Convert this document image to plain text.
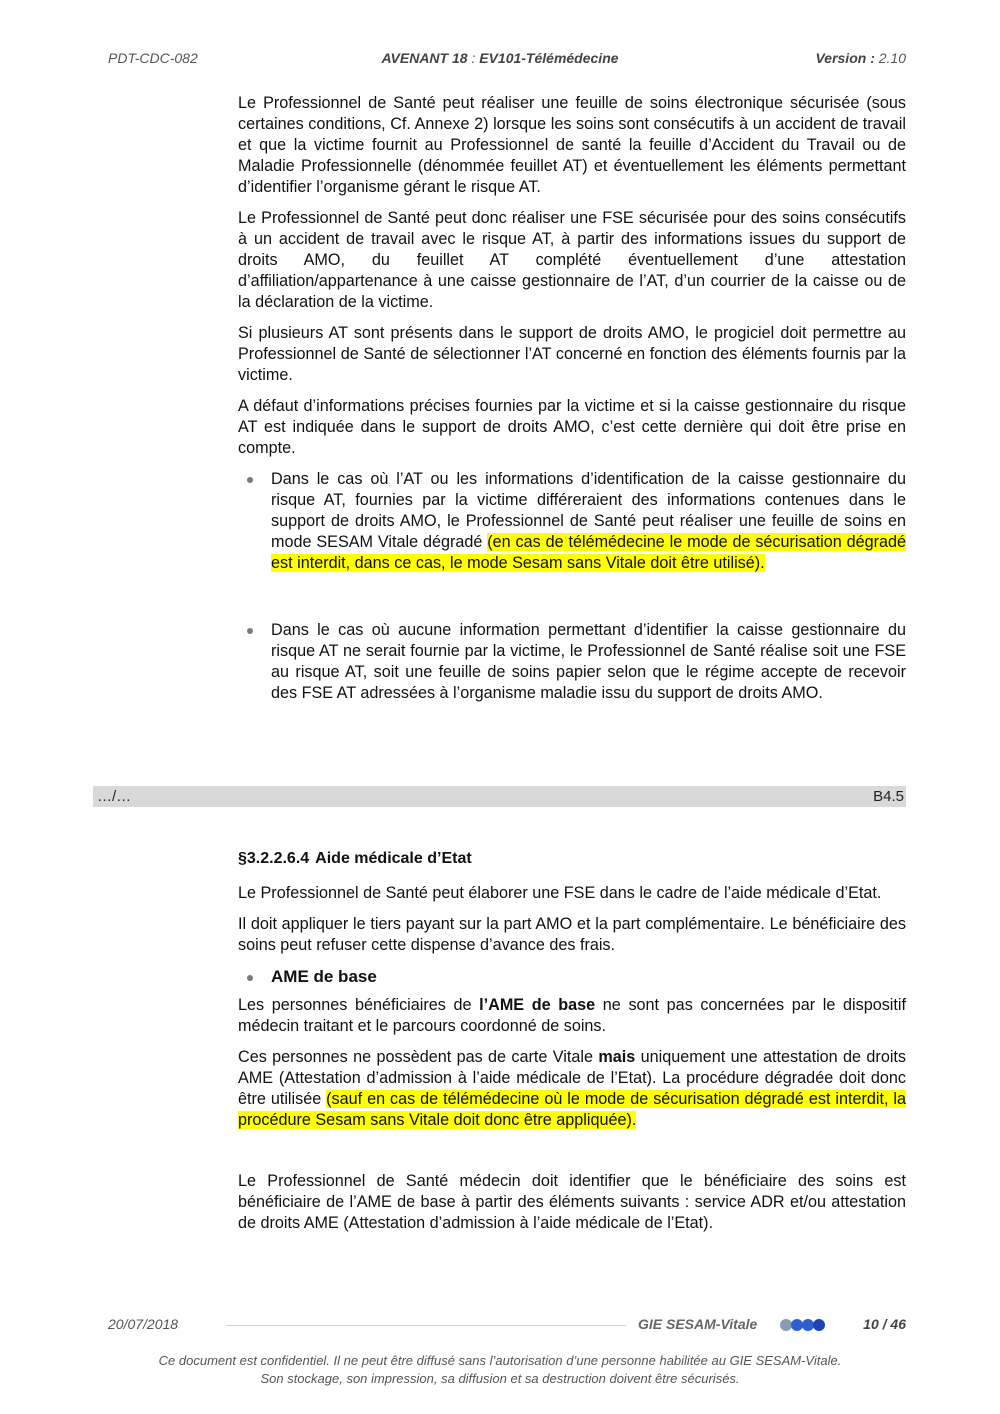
PDT-CDC-082	AVENANT 18 : EV101-Télémédecine	Version : 2.10

Le Professionnel de Santé peut réaliser une feuille de soins électronique sécurisée (sous certaines conditions, Cf. Annexe 2) lorsque les soins sont consécutifs à un accident de travail et que la victime fournit au Professionnel de santé la feuille d’Accident du Travail ou de Maladie Professionnelle (dénommée feuillet AT) et éventuellement les éléments permettant d’identifier l’organisme gérant le risque AT.

Le Professionnel de Santé peut donc réaliser une FSE sécurisée pour des soins consécutifs à un accident de travail avec le risque AT, à partir des informations issues du support de droits AMO, du feuillet AT complété éventuellement d’une attestation d’affiliation/appartenance à une caisse gestionnaire de l’AT, d’un courrier de la caisse ou de la déclaration de la victime.

Si plusieurs AT sont présents dans le support de droits AMO, le progiciel doit permettre au Professionnel de Santé de sélectionner l’AT concerné en fonction des éléments fournis par la victime.

A défaut d’informations précises fournies par la victime et si la caisse gestionnaire du risque AT est indiquée dans le support de droits AMO, c’est cette dernière qui doit être prise en compte.

Dans le cas où l’AT ou les informations d’identification de la caisse gestionnaire du risque AT, fournies par la victime différeraient des informations contenues dans le support de droits AMO, le Professionnel de Santé peut réaliser une feuille de soins en mode SESAM Vitale dégradé (en cas de télémédecine le mode de sécurisation dégradé est interdit, dans ce cas, le mode Sesam sans Vitale doit être utilisé).
Dans le cas où aucune information permettant d’identifier la caisse gestionnaire du risque AT ne serait fournie par la victime, le Professionnel de Santé réalise soit une FSE au risque AT, soit une feuille de soins papier selon que le régime accepte de recevoir des FSE AT adressées à l’organisme maladie issu du support de droits AMO.
…/…	B4.5
§3.2.2.6.4 Aide médicale d’Etat

Le Professionnel de Santé peut élaborer une FSE dans le cadre de l’aide médicale d’Etat.

Il doit appliquer le tiers payant sur la part AMO et la part complémentaire. Le bénéficiaire des soins peut refuser cette dispense d’avance des frais.

AME de base

Les personnes bénéficiaires de l’AME de base ne sont pas concernées par le dispositif médecin traitant et le parcours coordonné de soins.

Ces personnes ne possèdent pas de carte Vitale mais uniquement une attestation de droits AME (Attestation d’admission à l’aide médicale de l’Etat). La procédure dégradée doit donc être utilisée (sauf en cas de télémédecine où le mode de sécurisation dégradé est interdit, la procédure Sesam sans Vitale doit donc être appliquée).

Le Professionnel de Santé médecin doit identifier que le bénéficiaire des soins est bénéficiaire de l’AME de base à partir des éléments suivants : service ADR et/ou attestation de droits AME (Attestation d’admission à l’aide médicale de l’Etat).

20/07/2018	GIE SESAM-Vitale	10 / 46
Ce document est confidentiel. Il ne peut être diffusé sans l’autorisation d’une personne habilitée au GIE SESAM-Vitale.
Son stockage, son impression, sa diffusion et sa destruction doivent être sécurisés.
